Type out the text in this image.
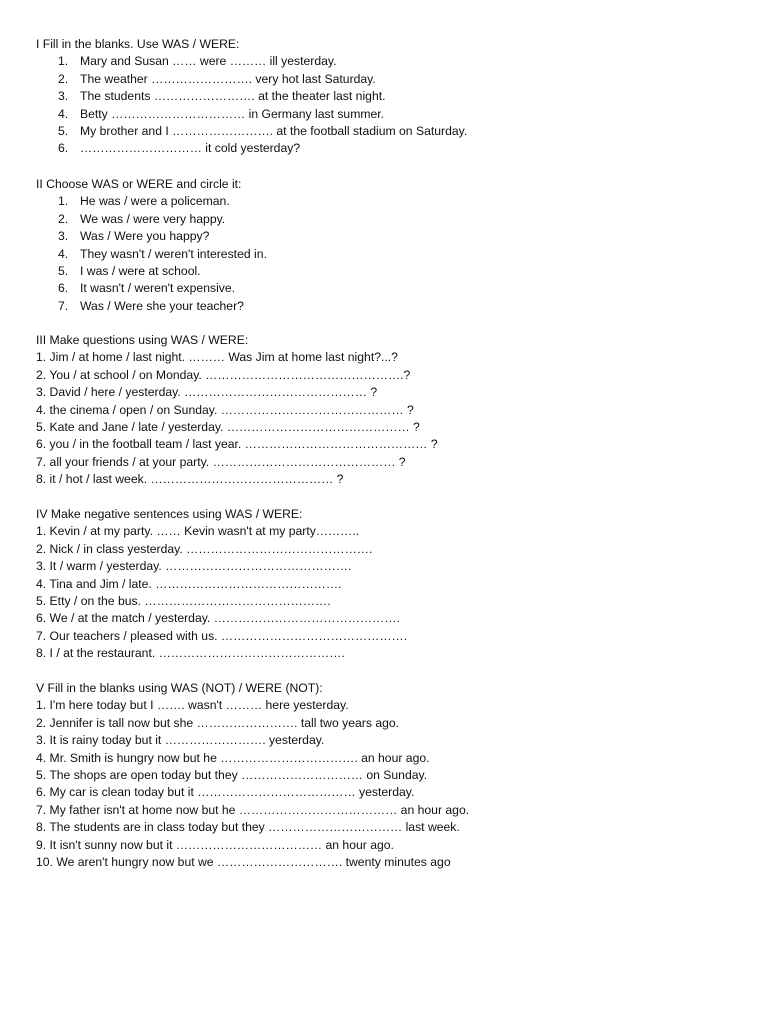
I Fill in the blanks. Use WAS / WERE:
1. Mary and Susan …… were ……… ill yesterday.
2. The weather ……………………. very hot last Saturday.
3. The students ……………………. at the theater last night.
4. Betty …………………………… in Germany last summer.
5. My brother and I ……………………. at the football stadium on Saturday.
6. ………………………… it cold yesterday?
II Choose WAS or WERE and circle it:
1. He was / were a policeman.
2. We was / were very happy.
3. Was / Were you happy?
4. They wasn't / weren't interested in.
5. I was / were at school.
6. It wasn't / weren't expensive.
7. Was / Were she your teacher?
III Make questions using WAS / WERE:
1. Jim / at home / last night. ……… Was Jim at home last night?...?
2. You / at school / on Monday. ………………………………………….?
3. David / here / yesterday. ……………………………………… ?
4. the cinema / open / on Sunday. ……………………………………… ?
5. Kate and Jane / late / yesterday. ……………………………………… ?
6. you / in the football team / last year. ……………………………………… ?
7. all your friends / at your party. ……………………………………… ?
8. it / hot / last week. ……………………………………… ?
IV Make negative sentences using WAS / WERE:
1. Kevin / at my party. …… Kevin wasn't at my party………..
2. Nick / in class yesterday. ……………………………………….
3. It / warm / yesterday. ……………………………………….
4. Tina and Jim / late. ……………………………………….
5. Etty / on the bus. ……………………………………….
6. We / at the match / yesterday. ……………………………………….
7. Our teachers / pleased with us. ……………………………………….
8. I / at the restaurant. ……………………………………….
V Fill in the blanks using WAS (NOT) / WERE (NOT):
1. I'm here today but I ……. wasn't ……… here yesterday.
2. Jennifer is tall now but she ……………………. tall two years ago.
3. It is rainy today but it ……………………. yesterday.
4. Mr. Smith is hungry now but he ……………………………. an hour ago.
5. The shops are open today but they ………………………… on Sunday.
6. My car is clean today but it ………………………………… yesterday.
7. My father isn't at home now but he ………………………………… an hour ago.
8. The students are in class today but they …………………………… last week.
9. It isn't sunny now but it ……………………………… an hour ago.
10. We aren't hungry now but we …………………………. twenty minutes ago
